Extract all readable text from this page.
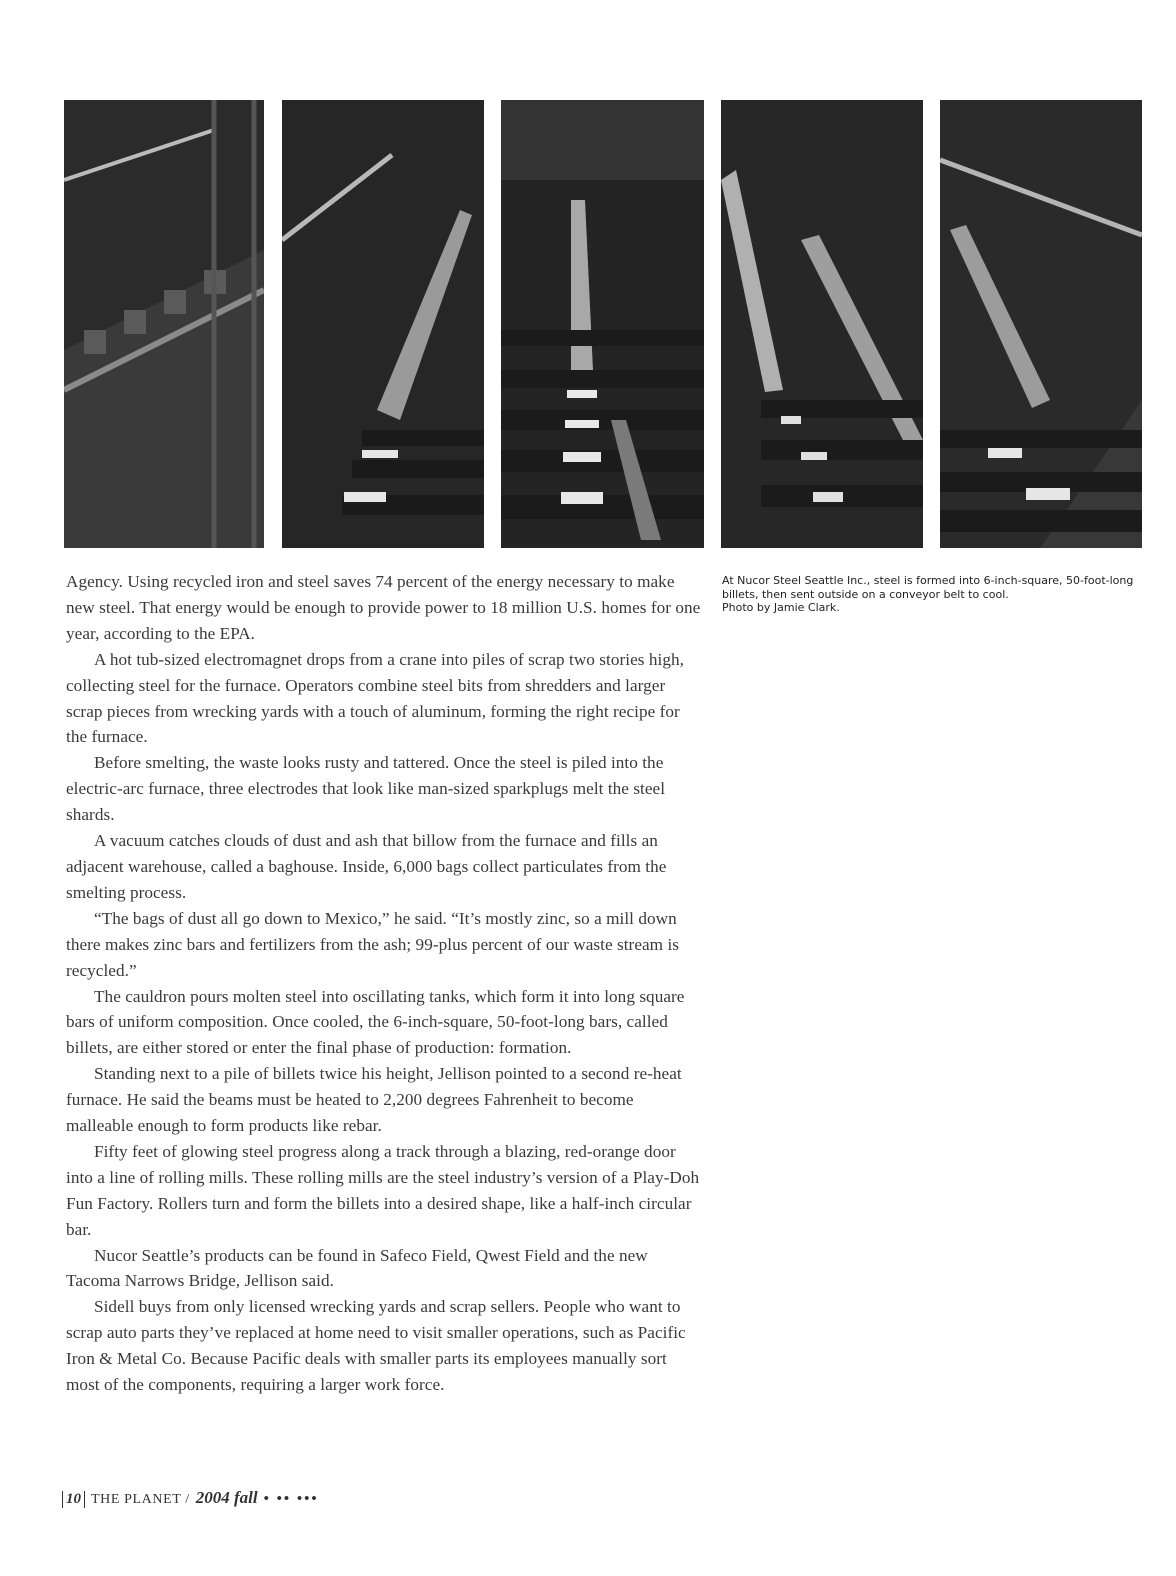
Agency. Using recycled iron and steel saves 74 percent of the energy necessary to make new steel. That energy would be enough to provide power to 18 million U.S. homes for one year, according to the EPA.

A hot tub-sized electromagnet drops from a crane into piles of scrap two stories high, collecting steel for the furnace. Operators combine steel bits from shredders and larger scrap pieces from wrecking yards with a touch of aluminum, forming the right recipe for the furnace.

Before smelting, the waste looks rusty and tattered. Once the steel is piled into the electric-arc furnace, three electrodes that look like man-sized sparkplugs melt the steel shards.

A vacuum catches clouds of dust and ash that billow from the furnace and fills an adjacent warehouse, called a baghouse. Inside, 6,000 bags collect particulates from the smelting process.

“The bags of dust all go down to Mexico,” he said. “It’s mostly zinc, so a mill down there makes zinc bars and fertilizers from the ash; 99-plus percent of our waste stream is recycled.”

The cauldron pours molten steel into oscillating tanks, which form it into long square bars of uniform composition. Once cooled, the 6-inch-square, 50-foot-long bars, called billets, are either stored or enter the final phase of production: formation.

Standing next to a pile of billets twice his height, Jellison pointed to a second re-heat furnace. He said the beams must be heated to 2,200 degrees Fahrenheit to become malleable enough to form products like rebar.

Fifty feet of glowing steel progress along a track through a blazing, red-orange door into a line of rolling mills. These rolling mills are the steel industry’s version of a Play-Doh Fun Factory. Rollers turn and form the billets into a desired shape, like a half-inch circular bar.

Nucor Seattle’s products can be found in Safeco Field, Qwest Field and the new Tacoma Narrows Bridge, Jellison said.

Sidell buys from only licensed wrecking yards and scrap sellers. People who want to scrap auto parts they’ve replaced at home need to visit smaller operations, such as Pacific Iron & Metal Co. Because Pacific deals with smaller parts its employees manually sort most of the components, requiring a larger work force.

At Nucor Steel Seattle Inc., steel is formed into 6-inch-square, 50-foot-long billets, then sent outside on a conveyor belt to cool.

Photo by Jamie Clark.

10 THE PLANET / 2004 fall • •• •••
